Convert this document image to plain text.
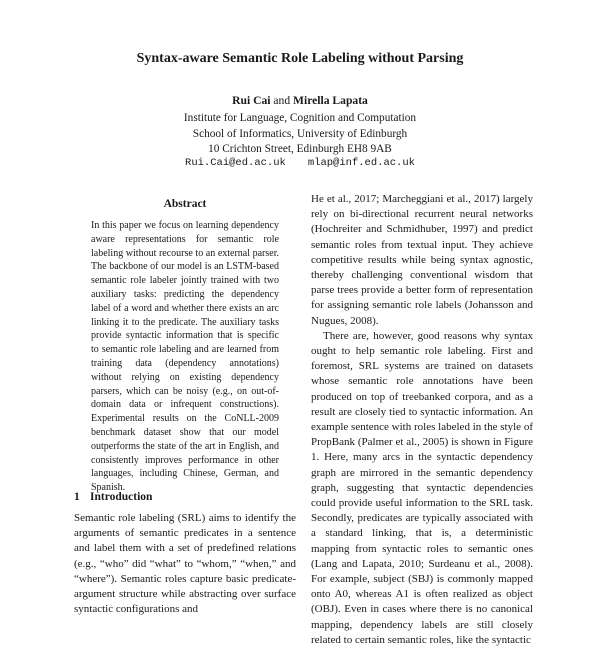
Syntax-aware Semantic Role Labeling without Parsing
Rui Cai and Mirella Lapata
Institute for Language, Cognition and Computation
School of Informatics, University of Edinburgh
10 Crichton Street, Edinburgh EH8 9AB
Rui.Cai@ed.ac.uk mlap@inf.ed.ac.uk
Abstract

In this paper we focus on learning dependency aware representations for semantic role labeling without recourse to an external parser. The backbone of our model is an LSTM-based semantic role labeler jointly trained with two auxiliary tasks: predicting the dependency label of a word and whether there exists an arc linking it to the predicate. The auxiliary tasks provide syntactic information that is specific to semantic role labeling and are learned from training data (dependency annotations) without relying on existing dependency parsers, which can be noisy (e.g., on out-of-domain data or infrequent constructions). Experimental results on the CoNLL-2009 benchmark dataset show that our model outperforms the state of the art in English, and consistently improves performance in other languages, including Chinese, German, and Spanish.

1 Introduction

Semantic role labeling (SRL) aims to identify the arguments of semantic predicates in a sentence and label them with a set of predefined relations (e.g., “who” did “what” to “whom,” “when,” and “where”). Semantic roles capture basic predicate-argument structure while abstracting over surface syntactic configurations and

He et al., 2017; Marcheggiani et al., 2017) largely rely on bi-directional recurrent neural networks (Hochreiter and Schmidhuber, 1997) and predict semantic roles from textual input. They achieve competitive results while being syntax agnostic, thereby challenging conventional wisdom that parse trees provide a better form of representation for assigning semantic role labels (Johansson and Nugues, 2008).
There are, however, good reasons why syntax ought to help semantic role labeling. First and foremost, SRL systems are trained on datasets whose semantic role annotations have been produced on top of treebanked corpora, and as a result are closely tied to syntactic information. An example sentence with roles labeled in the style of PropBank (Palmer et al., 2005) is shown in Figure 1. Here, many arcs in the syntactic dependency graph are mirrored in the semantic dependency graph, suggesting that syntactic dependencies could provide useful information to the SRL task. Secondly, predicates are typically associated with a standard linking, that is, a deterministic mapping from syntactic roles to semantic ones (Lang and Lapata, 2010; Surdeanu et al., 2008). For example, subject (SBJ) is commonly mapped onto A0, whereas A1 is often realized as object (OBJ). Even in cases where there is no canonical mapping, dependency labels are still closely related to certain semantic roles, like the syntactic
